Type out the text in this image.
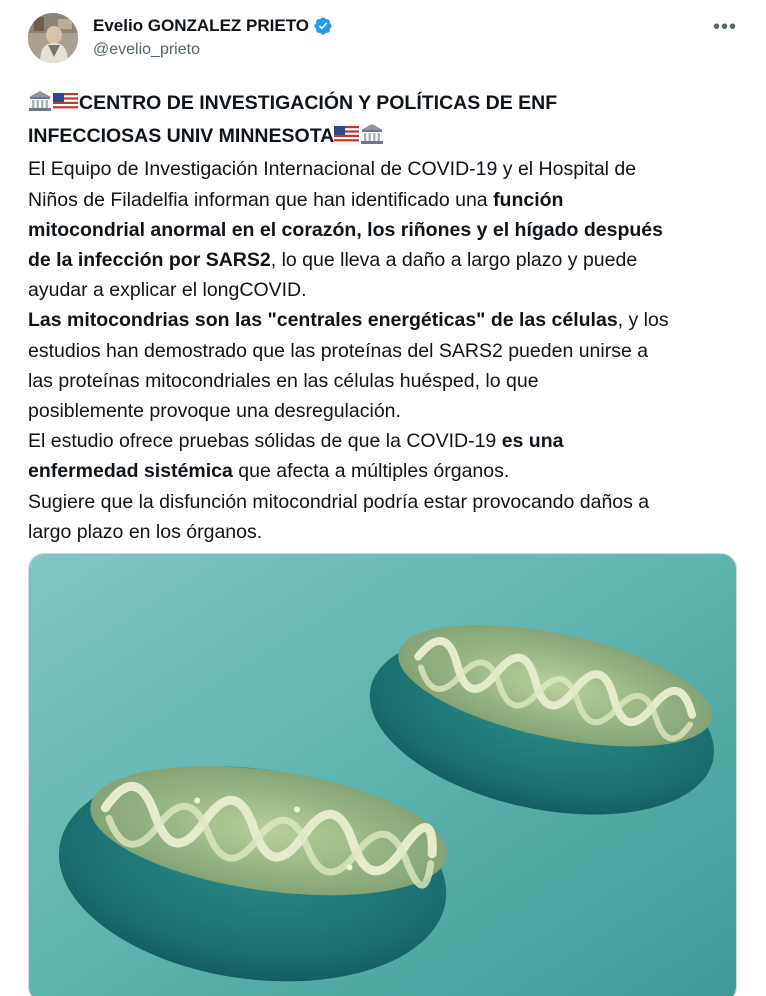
Evelio GONZALEZ PRIETO
@evelio_prieto
•••

CENTRO DE INVESTIGACIÓN Y POLÍTICAS DE ENF

INFECCIOSAS UNIV MINNESOTA

El Equipo de Investigación Internacional de COVID-19 y el Hospital de

Niños de Filadelfia informan que han identificado una función

mitocondrial anormal en el corazón, los riñones y el hígado después

de la infección por SARS2, lo que lleva a daño a largo plazo y puede

ayudar a explicar el longCOVID.

Las mitocondrias son las "centrales energéticas" de las células, y los

estudios han demostrado que las proteínas del SARS2 pueden unirse a

las proteínas mitocondriales en las células huésped, lo que

posiblemente provoque una desregulación.

El estudio ofrece pruebas sólidas de que la COVID-19 es una

enfermedad sistémica que afecta a múltiples órganos.

Sugiere que la disfunción mitocondrial podría estar provocando daños a

largo plazo en los órganos.
